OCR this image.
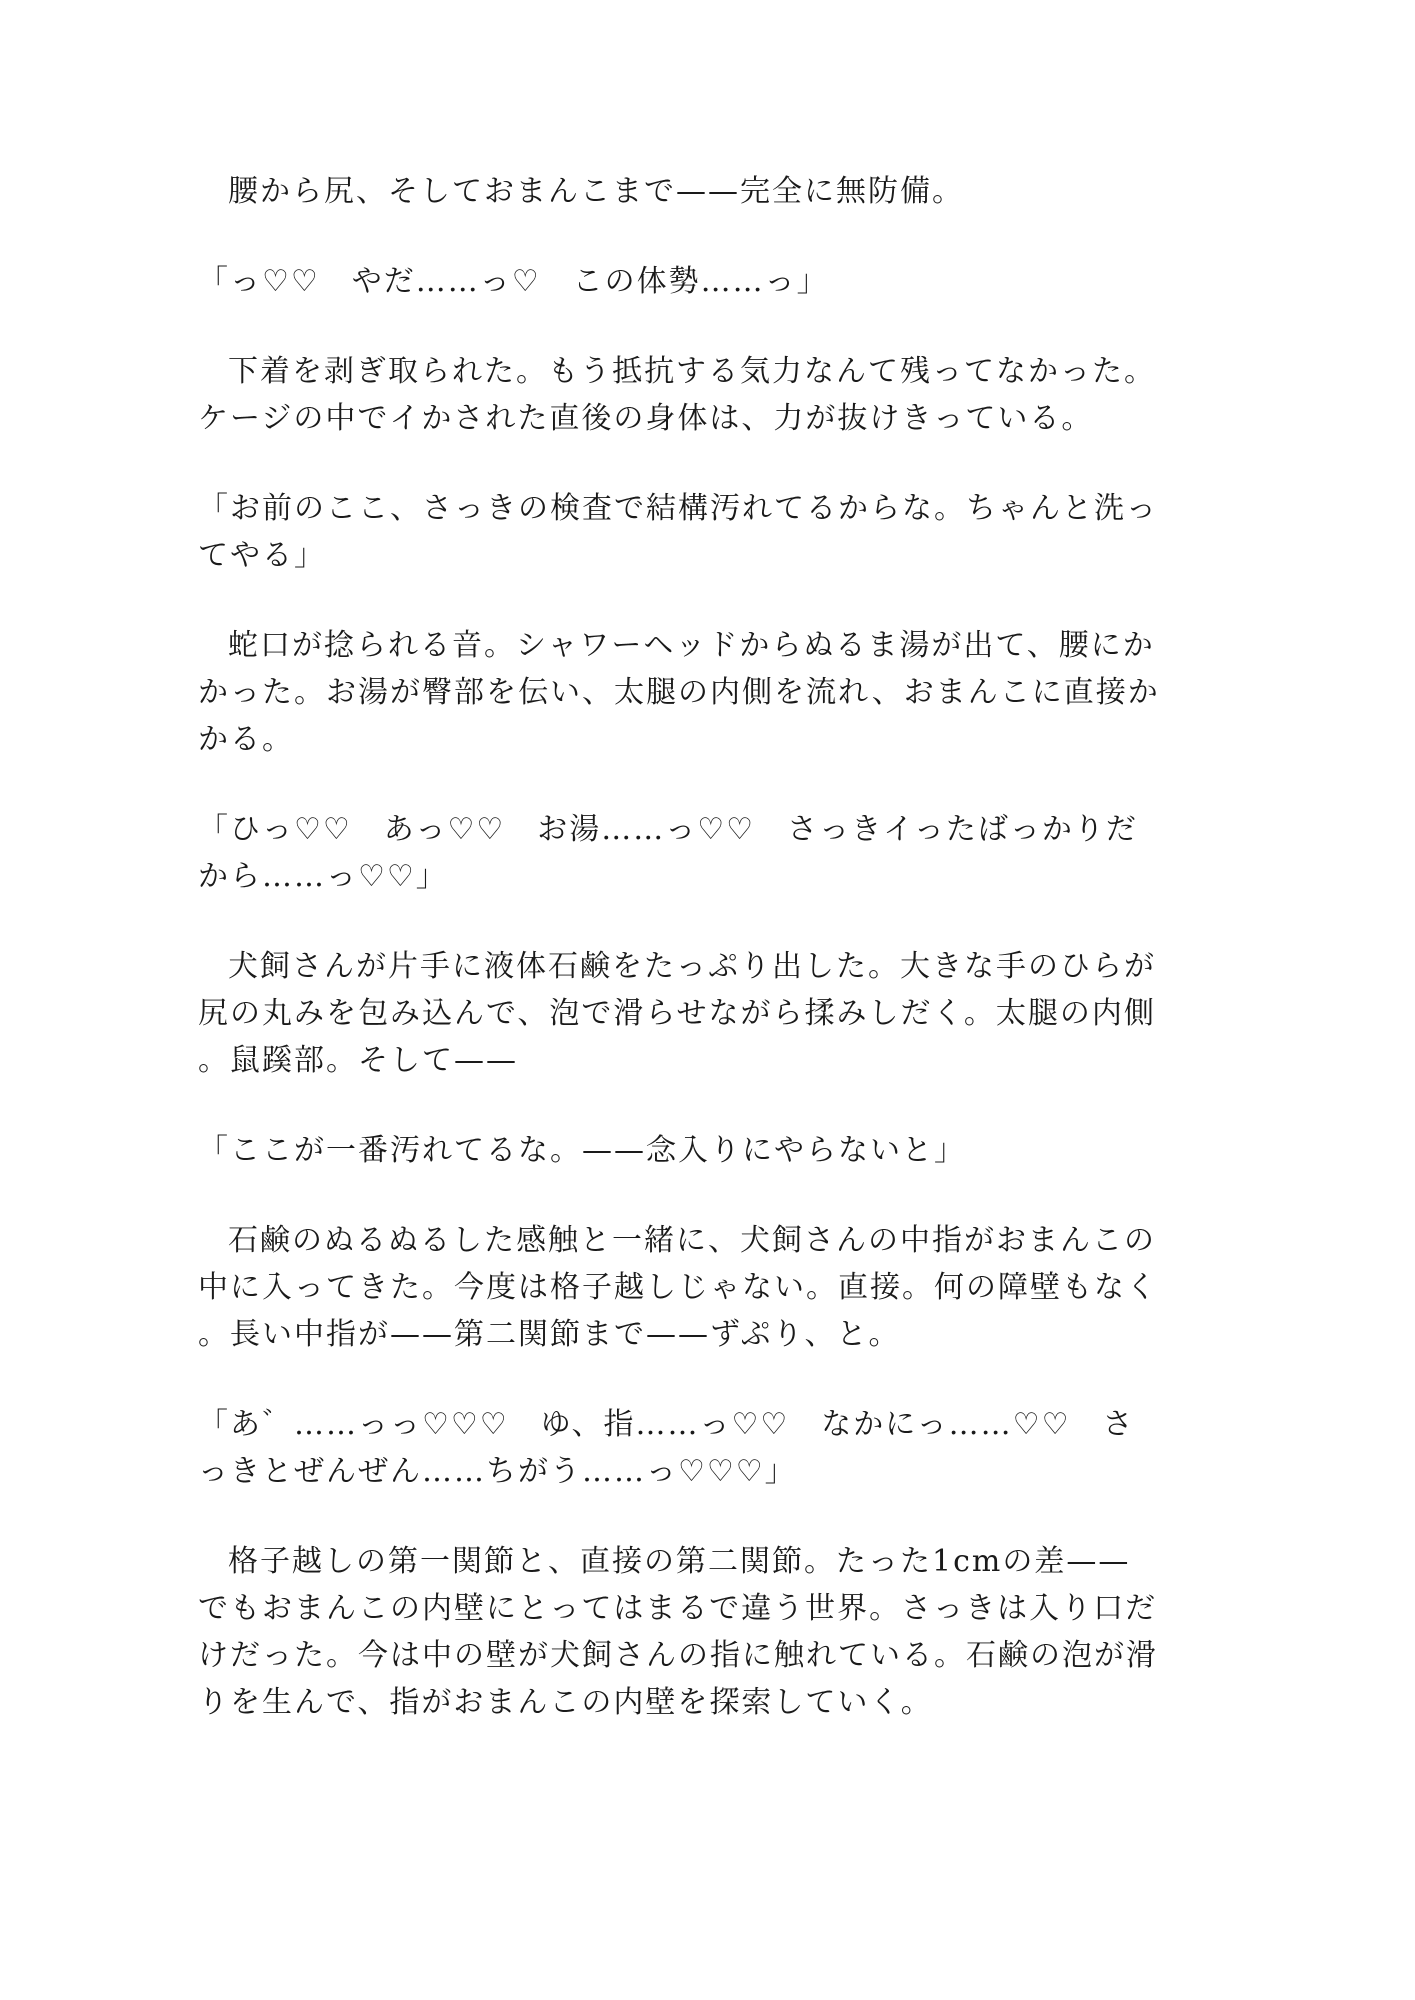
腰から尻、そしておまんこまで——完全に無防備。

「っ♡♡　やだ……っ♡　この体勢……っ」

下着を剥ぎ取られた。もう抵抗する気力なんて残ってなかった。
ケージの中でイかされた直後の身体は、力が抜けきっている。

「お前のここ、さっきの検査で結構汚れてるからな。ちゃんと洗っ
てやる」

蛇口が捻られる音。シャワーヘッドからぬるま湯が出て、腰にか
かった。お湯が臀部を伝い、太腿の内側を流れ、おまんこに直接か
かる。

「ひっ♡♡　あっ♡♡　お湯……っ♡♡　さっきイったばっかりだ
から……っ♡♡」

犬飼さんが片手に液体石鹸をたっぷり出した。大きな手のひらが
尻の丸みを包み込んで、泡で滑らせながら揉みしだく。太腿の内側
。鼠蹊部。そして——

「ここが一番汚れてるな。——念入りにやらないと」

石鹸のぬるぬるした感触と一緒に、犬飼さんの中指がおまんこの
中に入ってきた。今度は格子越しじゃない。直接。何の障壁もなく
。長い中指が——第二関節まで——ずぷり、と。

「あ゛……っっ♡♡♡　ゆ、指……っ♡♡　なかにっ……♡♡　さ
っきとぜんぜん……ちがう……っ♡♡♡」

格子越しの第一関節と、直接の第二関節。たった1cmの差——
でもおまんこの内壁にとってはまるで違う世界。さっきは入り口だ
けだった。今は中の壁が犬飼さんの指に触れている。石鹸の泡が滑
りを生んで、指がおまんこの内壁を探索していく。
